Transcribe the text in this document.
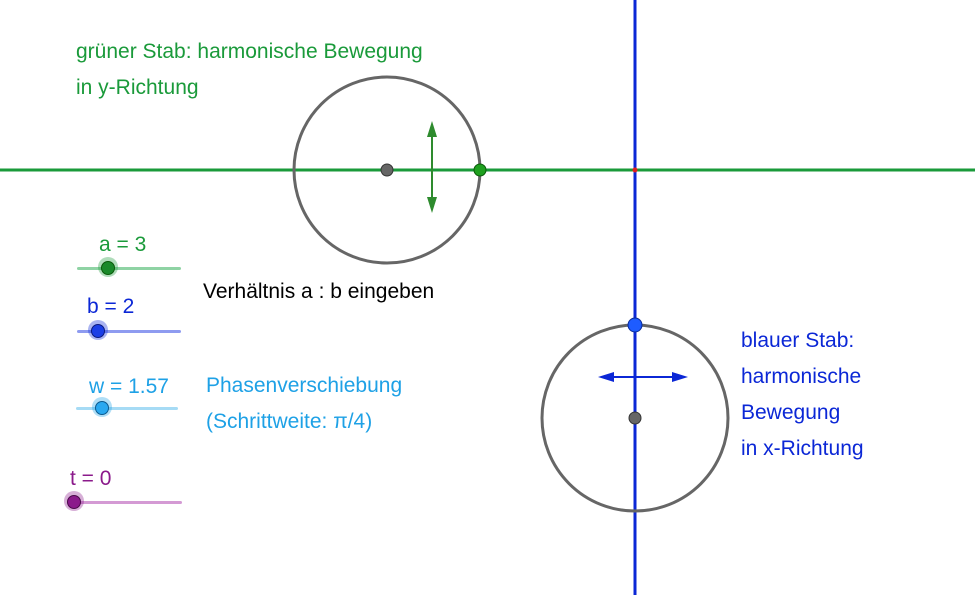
grüner Stab: harmonische Bewegung
in y-Richtung
Verhältnis a : b eingeben
Phasenverschiebung
(Schrittweite: π/4)
blauer Stab:
harmonische
Bewegung
in x-Richtung
a = 3
b = 2
w = 1.57
t = 0
